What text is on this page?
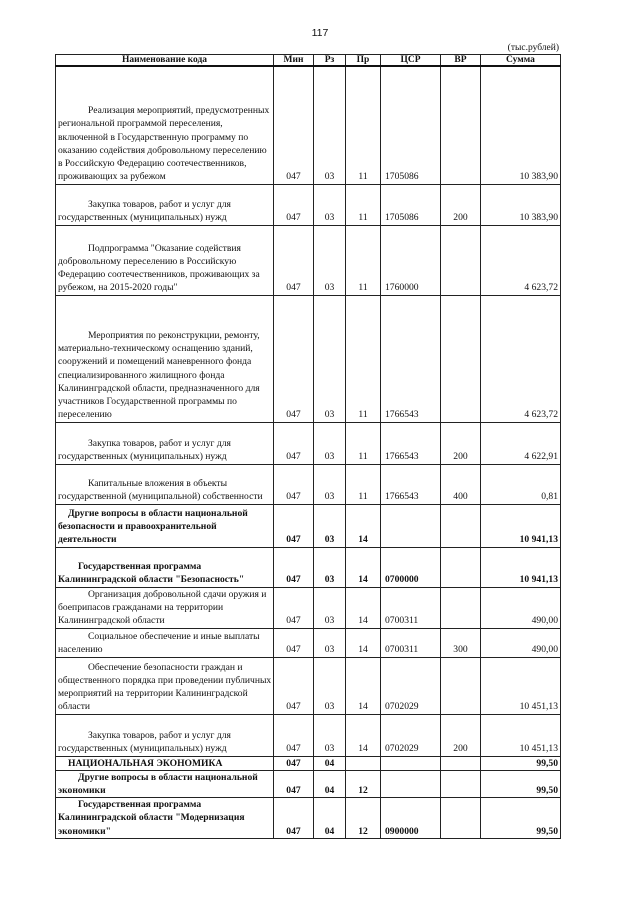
117
(тыс.рублей)
Наименование кода	Мин	Рз	Пр	ЦСР	ВР	Сумма
Реализация мероприятий, предусмотренных региональной программой переселения, включенной в Государственную программу по оказанию содействия добровольному переселению в Российскую Федерацию соотечественников, проживающих за рубежом	047	03	11	1705086		10 383,90
Закупка товаров, работ и услуг для государственных (муниципальных) нужд	047	03	11	1705086	200	10 383,90
Подпрограмма "Оказание содействия добровольному переселению в Российскую Федерацию соотечественников, проживающих за рубежом, на 2015-2020 годы"	047	03	11	1760000		4 623,72
Мероприятия по реконструкции, ремонту, материально-техническому оснащению зданий, сооружений и помещений маневренного фонда специализированного жилищного фонда Калининградской области, предназначенного для участников Государственной программы по переселению	047	03	11	1766543		4 623,72
Закупка товаров, работ и услуг для государственных (муниципальных) нужд	047	03	11	1766543	200	4 622,91
Капитальные вложения в объекты государственной (муниципальной) собственности	047	03	11	1766543	400	0,81
Другие вопросы в области национальной безопасности и правоохранительной деятельности	047	03	14			10 941,13
Государственная программа Калининградской области "Безопасность"	047	03	14	0700000		10 941,13
Организация добровольной сдачи оружия и боеприпасов гражданами на территории Калининградской области	047	03	14	0700311		490,00
Социальное обеспечение и иные выплаты населению	047	03	14	0700311	300	490,00
Обеспечение безопасности граждан и общественного порядка при проведении публичных мероприятий на территории Калининградской области	047	03	14	0702029		10 451,13
Закупка товаров, работ и услуг для государственных (муниципальных) нужд	047	03	14	0702029	200	10 451,13
НАЦИОНАЛЬНАЯ ЭКОНОМИКА	047	04				99,50
Другие вопросы в области национальной экономики	047	04	12			99,50
Государственная программа Калининградской области "Модернизация экономики"	047	04	12	0900000		99,50
